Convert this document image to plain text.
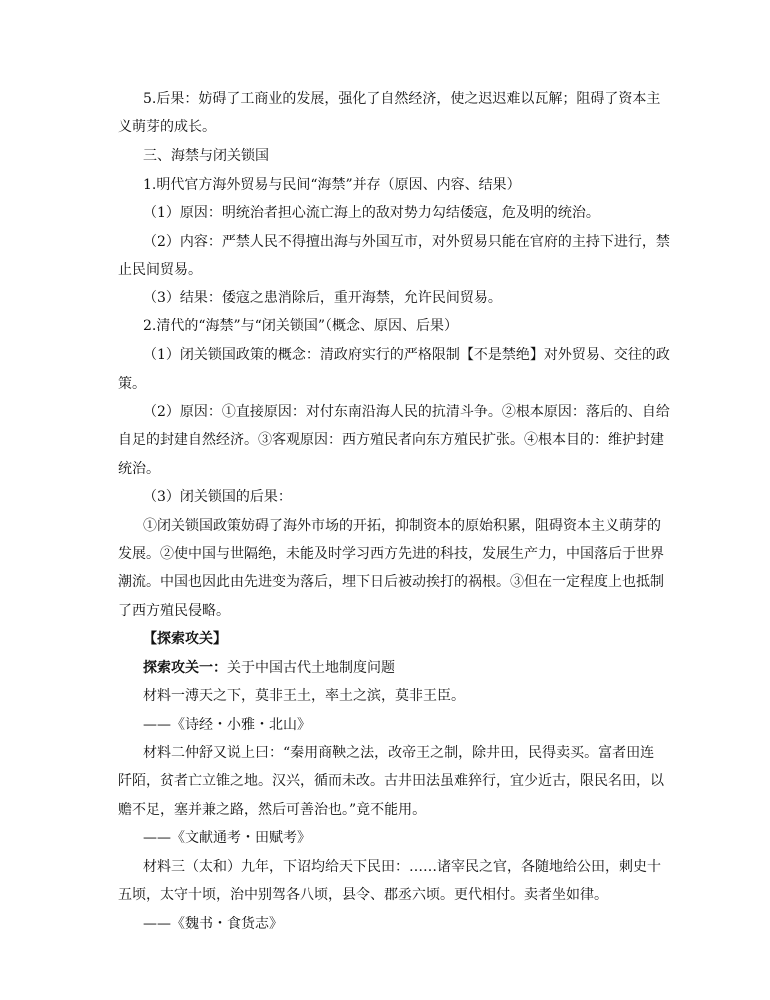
5.后果：妨碍了工商业的发展，强化了自然经济，使之迟迟难以瓦解；阻碍了资本主
义萌芽的成长。
三、海禁与闭关锁国
1.明代官方海外贸易与民间“海禁”并存（原因、内容、结果）
（1）原因：明统治者担心流亡海上的敌对势力勾结倭寇，危及明的统治。
（2）内容：严禁人民不得擅出海与外国互市，对外贸易只能在官府的主持下进行，禁
止民间贸易。
（3）结果：倭寇之患消除后，重开海禁，允许民间贸易。
2.清代的“海禁”与“闭关锁国”（概念、原因、后果）
（1）闭关锁国政策的概念：清政府实行的严格限制【不是禁绝】对外贸易、交往的政
策。
（2）原因：①直接原因：对付东南沿海人民的抗清斗争。②根本原因：落后的、自给
自足的封建自然经济。③客观原因：西方殖民者向东方殖民扩张。④根本目的：维护封建
统治。
（3）闭关锁国的后果：
①闭关锁国政策妨碍了海外市场的开拓，抑制资本的原始积累，阻碍资本主义萌芽的
发展。②使中国与世隔绝，未能及时学习西方先进的科技，发展生产力，中国落后于世界
潮流。中国也因此由先进变为落后，埋下日后被动挨打的祸根。③但在一定程度上也抵制
了西方殖民侵略。
【探索攻关】
探索攻关一：关于中国古代土地制度问题
材料一溥天之下，莫非王土，率土之滨，莫非王臣。
——《诗经・小雅・北山》
材料二仲舒又说上曰：“秦用商鞅之法，改帝王之制，除井田，民得卖买。富者田连
阡陌，贫者亡立锥之地。汉兴，循而未改。古井田法虽难猝行，宜少近古，限民名田，以
赡不足，塞并兼之路，然后可善治也。”竟不能用。
——《文献通考・田赋考》
材料三（太和）九年，下诏均给天下民田：……诸宰民之官，各随地给公田，刺史十
五顷，太守十顷，治中别驾各八顷，县令、郡丞六顷。更代相付。卖者坐如律。
——《魏书・食货志》
